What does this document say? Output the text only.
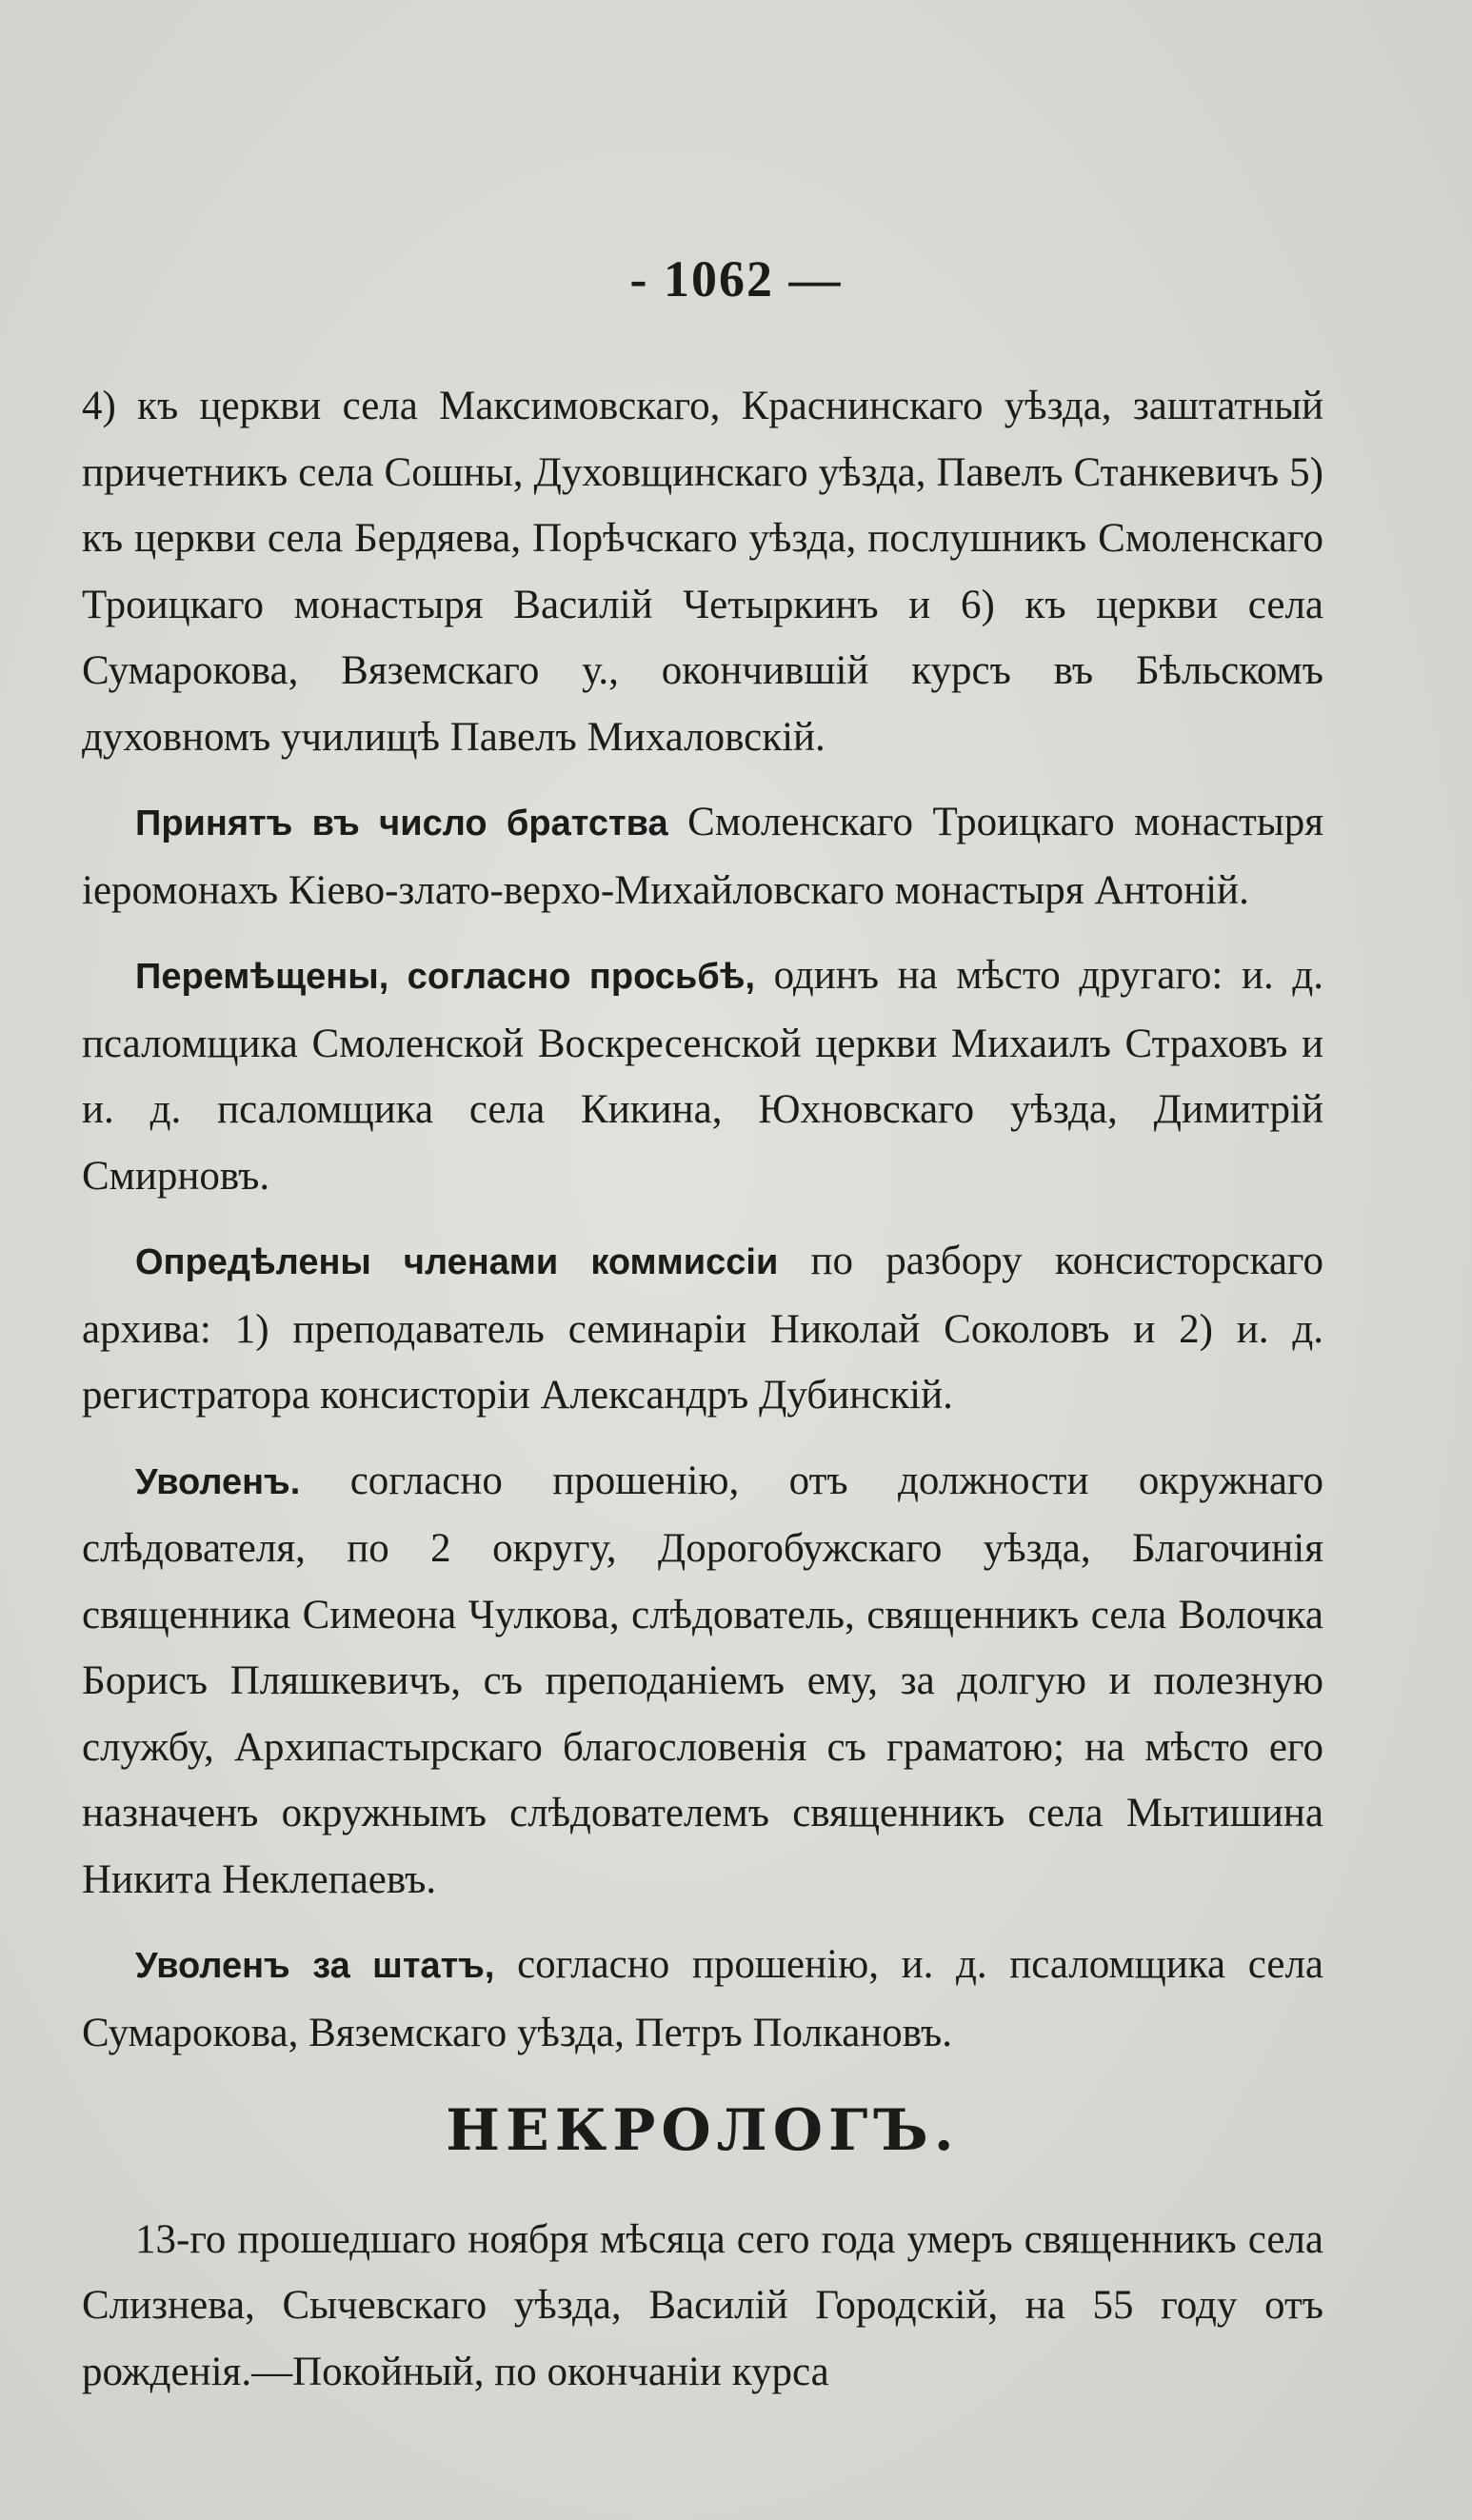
- 1062 —

4) къ церкви села Максимовскаго, Краснинскаго уѣзда, заштатный причетникъ села Сошны, Духовщинскаго уѣзда, Павелъ Станкевичъ 5) къ церкви села Бердяева, Порѣчскаго уѣзда, послушникъ Смоленскаго Троицкаго монастыря Василій Четыркинъ и 6) къ церкви села Сумарокова, Вяземскаго у., окончившій курсъ въ Бѣльскомъ духовномъ училищѣ Павелъ Михаловскій.

Принятъ въ число братства Смоленскаго Троицкаго монастыря іеромонахъ Кіево-злато-верхо-Михайловскаго монастыря Антоній.

Перемѣщены, согласно просьбѣ, одинъ на мѣсто другаго: и. д. псаломщика Смоленской Воскресенской церкви Михаилъ Страховъ и и. д. псаломщика села Кикина, Юхновскаго уѣзда, Димитрій Смирновъ.

Опредѣлены членами коммиссіи по разбору консисторскаго архива: 1) преподаватель семинаріи Николай Соколовъ и 2) и. д. регистратора консисторіи Александръ Дубинскій.

Уволенъ. согласно прошенію, отъ должности окружнаго слѣдователя, по 2 округу, Дорогобужскаго уѣзда, Благочинія священника Симеона Чулкова, слѣдователь, священникъ села Волочка Борисъ Пляшкевичъ, съ преподаніемъ ему, за долгую и полезную службу, Архипастырскаго благословенія съ граматою; на мѣсто его назначенъ окружнымъ слѣдователемъ священникъ села Мытишина Никита Неклепаевъ.

Уволенъ за штатъ, согласно прошенію, и. д. псаломщика села Сумарокова, Вяземскаго уѣзда, Петръ Полкановъ.

НЕКРОЛОГЪ.

13-го прошедшаго ноября мѣсяца сего года умеръ священникъ села Слизнева, Сычевскаго уѣзда, Василій Городскій, на 55 году отъ рожденія.—Покойный, по окончаніи курса
